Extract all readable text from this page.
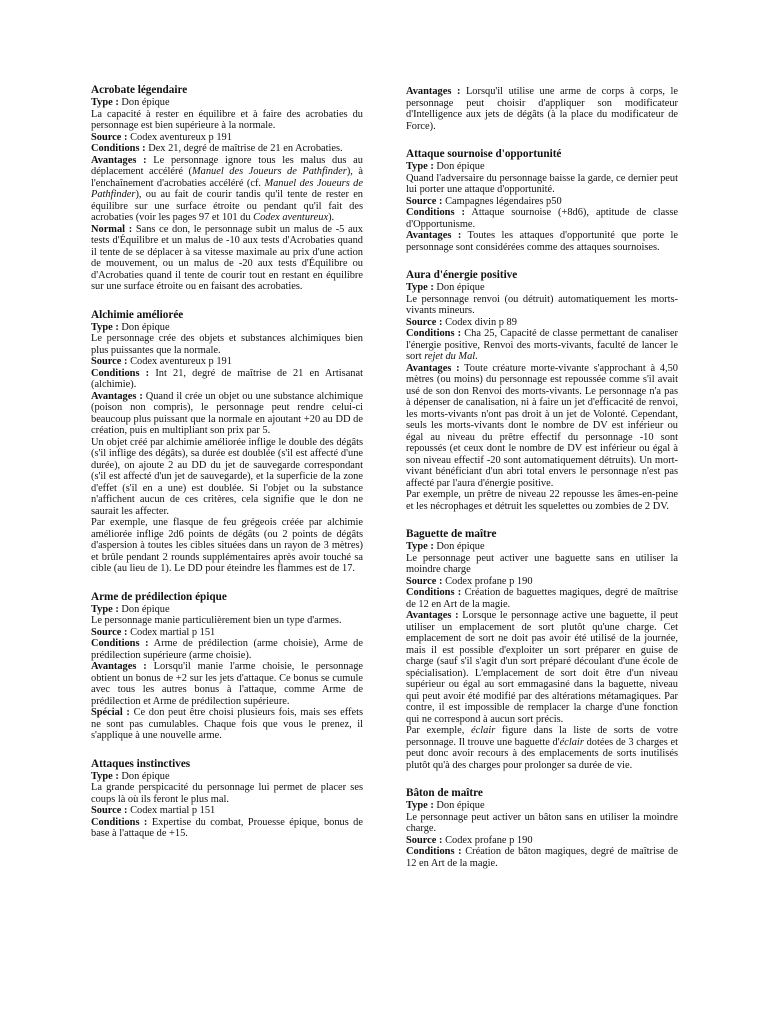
Acrobate légendaire

Type : Don épique

La capacité à rester en équilibre et à faire des acrobaties du personnage est bien supérieure à la normale.

Source : Codex aventureux p 191

Conditions : Dex 21, degré de maîtrise de 21 en Acrobaties.

Avantages : Le personnage ignore tous les malus dus au déplacement accéléré (Manuel des Joueurs de Pathfinder), à l'enchaînement d'acrobaties accéléré (cf. Manuel des Joueurs de Pathfinder), ou au fait de courir tandis qu'il tente de rester en équilibre sur une surface étroite ou pendant qu'il fait des acrobaties (voir les pages 97 et 101 du Codex aventureux).

Normal : Sans ce don, le personnage subit un malus de -5 aux tests d'Équilibre et un malus de -10 aux tests d'Acrobaties quand il tente de se déplacer à sa vitesse maximale au prix d'une action de mouvement, ou un malus de -20 aux tests d'Équilibre ou d'Acrobaties quand il tente de courir tout en restant en équilibre sur une surface étroite ou en faisant des acrobaties.

Alchimie améliorée

Type : Don épique

Le personnage crée des objets et substances alchimiques bien plus puissantes que la normale.

Source : Codex aventureux p 191

Conditions : Int 21, degré de maîtrise de 21 en Artisanat (alchimie).

Avantages : Quand il crée un objet ou une substance alchimique (poison non compris), le personnage peut rendre celui-ci beaucoup plus puissant que la normale en ajoutant +20 au DD de création, puis en multipliant son prix par 5.

Un objet créé par alchimie améliorée inflige le double des dégâts (s'il inflige des dégâts), sa durée est doublée (s'il est affecté d'une durée), on ajoute 2 au DD du jet de sauvegarde correspondant (s'il est affecté d'un jet de sauvegarde), et la superficie de la zone d'effet (s'il en a une) est doublée. Si l'objet ou la substance n'affichent aucun de ces critères, cela signifie que le don ne saurait les affecter.

Par exemple, une flasque de feu grégeois créée par alchimie améliorée inflige 2d6 points de dégâts (ou 2 points de dégâts d'aspersion à toutes les cibles situées dans un rayon de 3 mètres) et brûle pendant 2 rounds supplémentaires après avoir touché sa cible (au lieu de 1). Le DD pour éteindre les flammes est de 17.

Arme de prédilection épique

Type : Don épique

Le personnage manie particulièrement bien un type d'armes.

Source : Codex martial p 151

Conditions : Arme de prédilection (arme choisie), Arme de prédilection supérieure (arme choisie).

Avantages : Lorsqu'il manie l'arme choisie, le personnage obtient un bonus de +2 sur les jets d'attaque. Ce bonus se cumule avec tous les autres bonus à l'attaque, comme Arme de prédilection et Arme de prédilection supérieure.

Spécial : Ce don peut être choisi plusieurs fois, mais ses effets ne sont pas cumulables. Chaque fois que vous le prenez, il s'applique à une nouvelle arme.

Attaques instinctives

Type : Don épique

La grande perspicacité du personnage lui permet de placer ses coups là où ils feront le plus mal.

Source : Codex martial p 151

Conditions : Expertise du combat, Prouesse épique, bonus de base à l'attaque de +15.

Avantages : Lorsqu'il utilise une arme de corps à corps, le personnage peut choisir d'appliquer son modificateur d'Intelligence aux jets de dégâts (à la place du modificateur de Force).

Attaque sournoise d'opportunité

Type : Don épique

Quand l'adversaire du personnage baisse la garde, ce dernier peut lui porter une attaque d'opportunité.

Source : Campagnes légendaires p50

Conditions : Attaque sournoise (+8d6), aptitude de classe d'Opportunisme.

Avantages : Toutes les attaques d'opportunité que porte le personnage sont considérées comme des attaques sournoises.

Aura d'énergie positive

Type : Don épique

Le personnage renvoi (ou détruit) automatiquement les morts-vivants mineurs.

Source : Codex divin p 89

Conditions : Cha 25, Capacité de classe permettant de canaliser l'énergie positive, Renvoi des morts-vivants, faculté de lancer le sort rejet du Mal.

Avantages : Toute créature morte-vivante s'approchant à 4,50 mètres (ou moins) du personnage est repoussée comme s'il avait usé de son don Renvoi des morts-vivants. Le personnage n'a pas à dépenser de canalisation, ni à faire un jet d'efficacité de renvoi, les morts-vivants n'ont pas droit à un jet de Volonté. Cependant, seuls les morts-vivants dont le nombre de DV est inférieur ou égal au niveau du prêtre effectif du personnage -10 sont repoussés (et ceux dont le nombre de DV est inférieur ou égal à son niveau effectif -20 sont automatiquement détruits). Un mort-vivant bénéficiant d'un abri total envers le personnage n'est pas affecté par l'aura d'énergie positive.

Par exemple, un prêtre de niveau 22 repousse les âmes-en-peine et les nécrophages et détruit les squelettes ou zombies de 2 DV.

Baguette de maître

Type : Don épique

Le personnage peut activer une baguette sans en utiliser la moindre charge

Source : Codex profane p 190

Conditions : Création de baguettes magiques, degré de maîtrise de 12 en Art de la magie.

Avantages : Lorsque le personnage active une baguette, il peut utiliser un emplacement de sort plutôt qu'une charge. Cet emplacement de sort ne doit pas avoir été utilisé de la journée, mais il est possible d'exploiter un sort préparer en guise de charge (sauf s'il s'agit d'un sort préparé découlant d'une école de spécialisation). L'emplacement de sort doit être d'un niveau supérieur ou égal au sort emmagasiné dans la baguette, niveau qui peut avoir été modifié par des altérations métamagiques. Par contre, il est impossible de remplacer la charge d'une fonction qui ne correspond à aucun sort précis.

Par exemple, éclair figure dans la liste de sorts de votre personnage. Il trouve une baguette d'éclair dotées de 3 charges et peut donc avoir recours à des emplacements de sorts inutilisés plutôt qu'à des charges pour prolonger sa durée de vie.

Bâton de maître

Type : Don épique

Le personnage peut activer un bâton sans en utiliser la moindre charge.

Source : Codex profane p 190

Conditions : Création de bâton magiques, degré de maîtrise de 12 en Art de la magie.
